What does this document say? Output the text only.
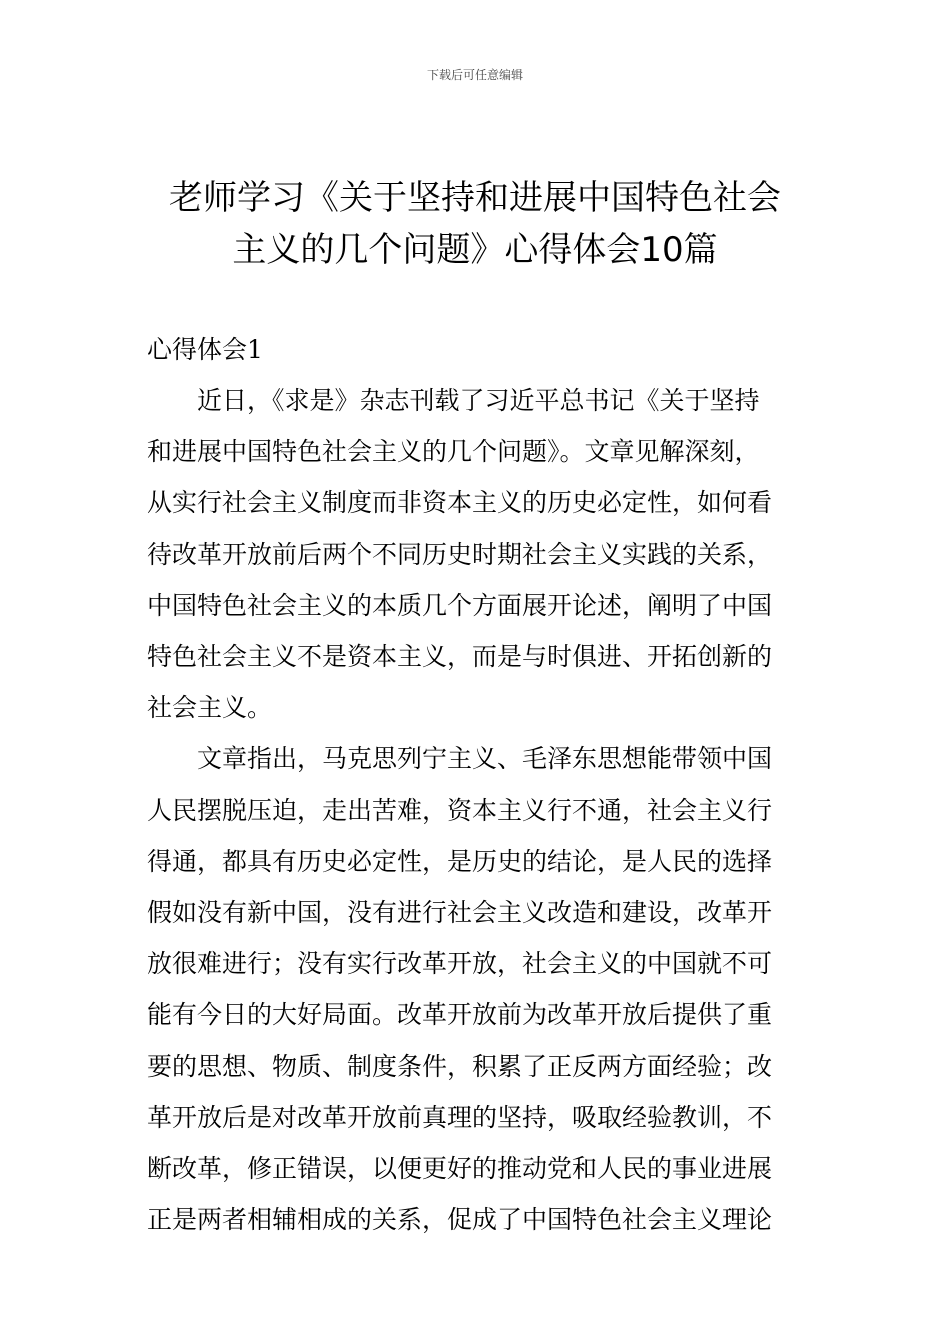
下载后可任意编辑
老师学习《关于坚持和进展中国特色社会
主义的几个问题》心得体会10篇
心得体会1

近日，《求是》杂志刊载了习近平总书记《关于坚持
和进展中国特色社会主义的几个问题》。文章见解深刻，
从实行社会主义制度而非资本主义的历史必定性，如何看
待改革开放前后两个不同历史时期社会主义实践的关系，
中国特色社会主义的本质几个方面展开论述，阐明了中国
特色社会主义不是资本主义，而是与时俱进、开拓创新的
社会主义。

文章指出，马克思列宁主义、毛泽东思想能带领中国
人民摆脱压迫，走出苦难，资本主义行不通，社会主义行
得通，都具有历史必定性，是历史的结论，是人民的选择
假如没有新中国，没有进行社会主义改造和建设，改革开
放很难进行；没有实行改革开放，社会主义的中国就不可
能有今日的大好局面。改革开放前为改革开放后提供了重
要的思想、物质、制度条件，积累了正反两方面经验；改
革开放后是对改革开放前真理的坚持，吸取经验教训，不
断改革，修正错误，以便更好的推动党和人民的事业进展
正是两者相辅相成的关系，促成了中国特色社会主义理论
